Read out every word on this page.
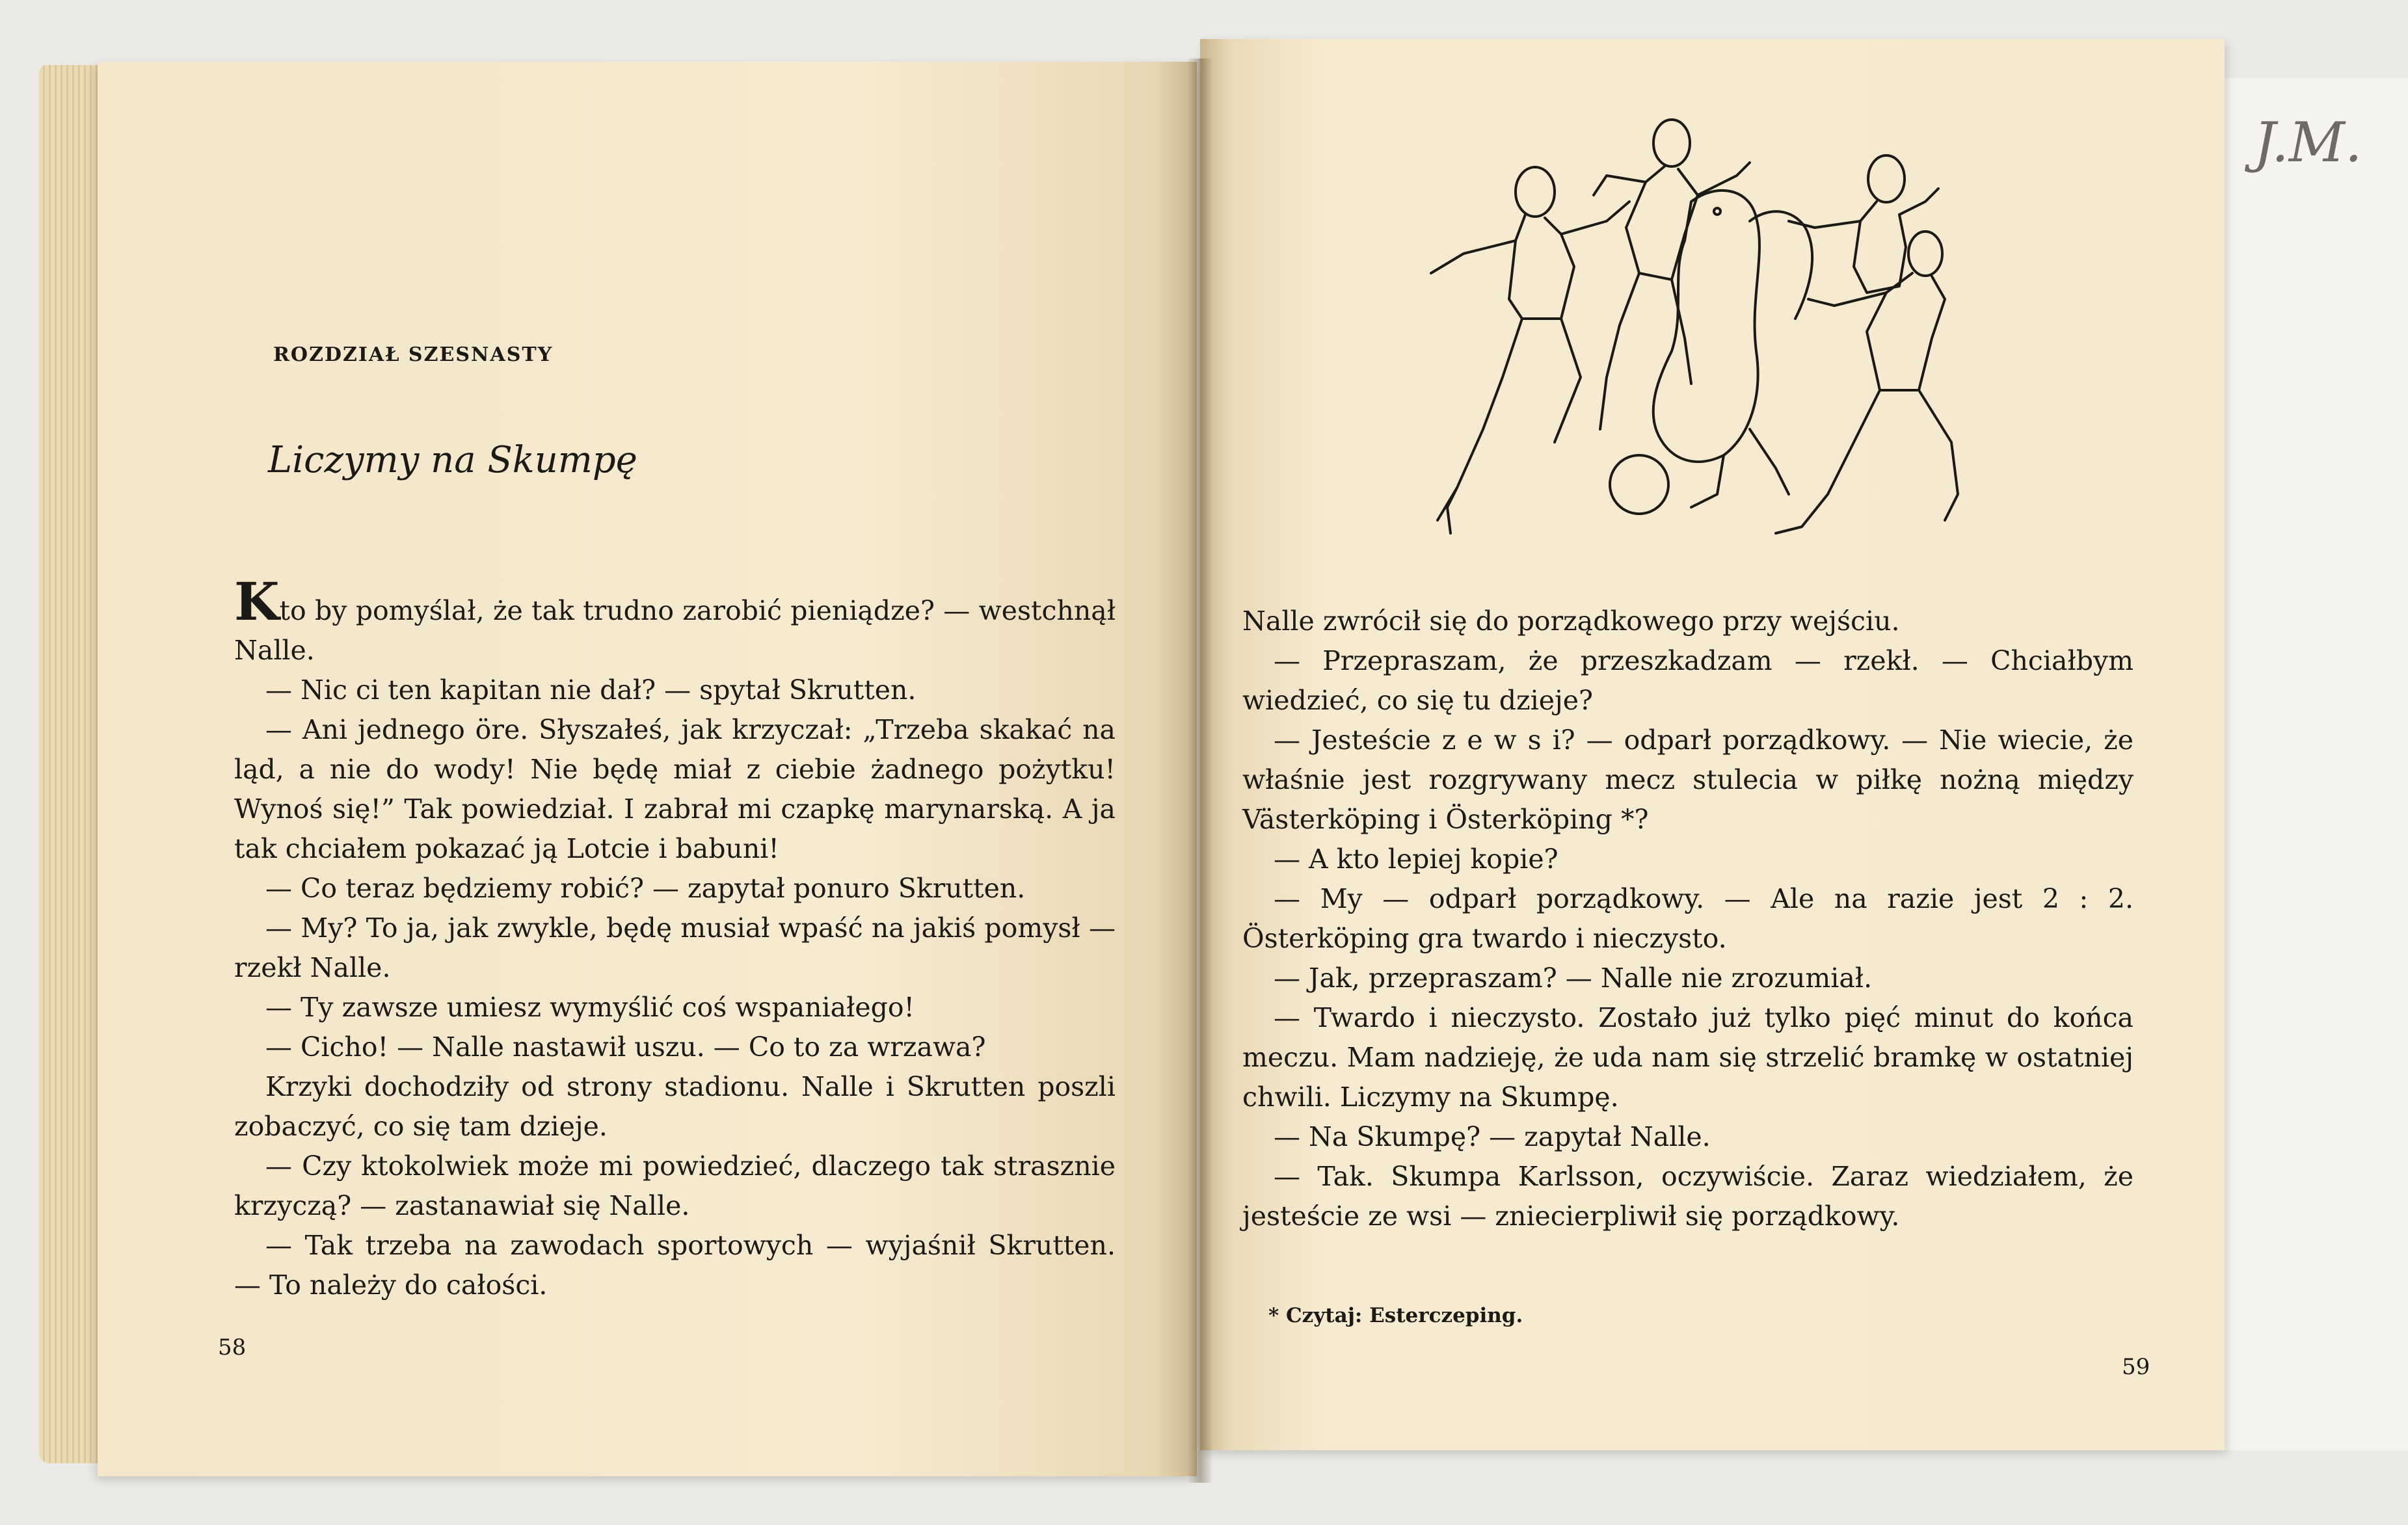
J.M.
ROZDZIAŁ SZESNASTY
Liczymy na Skumpę

Kto by pomyślał, że tak trudno zarobić pieniądze? — westchnął Nalle.

— Nic ci ten kapitan nie dał? — spytał Skrutten.

— Ani jednego öre. Słyszałeś, jak krzyczał: „Trzeba skakać na ląd, a nie do wody! Nie będę miał z ciebie żadnego pożytku! Wynoś się!” Tak powiedział. I zabrał mi czapkę marynarską. A ja tak chciałem pokazać ją Lotcie i babuni!

— Co teraz będziemy robić? — zapytał ponuro Skrutten.

— My? To ja, jak zwykle, będę musiał wpaść na jakiś pomysł — rzekł Nalle.

— Ty zawsze umiesz wymyślić coś wspaniałego!

— Cicho! — Nalle nastawił uszu. — Co to za wrzawa?

Krzyki dochodziły od strony stadionu. Nalle i Skrutten poszli zobaczyć, co się tam dzieje.

— Czy ktokolwiek może mi powiedzieć, dlaczego tak strasznie krzyczą? — zastanawiał się Nalle.

— Tak trzeba na zawodach sportowych — wyjaśnił Skrutten. — To należy do całości.

58

Nalle zwrócił się do porządkowego przy wejściu.

— Przepraszam, że przeszkadzam — rzekł. — Chciałbym wiedzieć, co się tu dzieje?

— Jesteście z e w s i? — odparł porządkowy. — Nie wiecie, że właśnie jest rozgrywany mecz stulecia w piłkę nożną między Västerköping i Österköping *?

— A kto lepiej kopie?

— My — odparł porządkowy. — Ale na razie jest 2 : 2. Österköping gra twardo i nieczysto.

— Jak, przepraszam? — Nalle nie zrozumiał.

— Twardo i nieczysto. Zostało już tylko pięć minut do końca meczu. Mam nadzieję, że uda nam się strzelić bramkę w ostatniej chwili. Liczymy na Skumpę.

— Na Skumpę? — zapytał Nalle.

— Tak. Skumpa Karlsson, oczywiście. Zaraz wiedziałem, że jesteście ze wsi — zniecierpliwił się porządkowy.

* Czytaj: Esterczeping.
59
